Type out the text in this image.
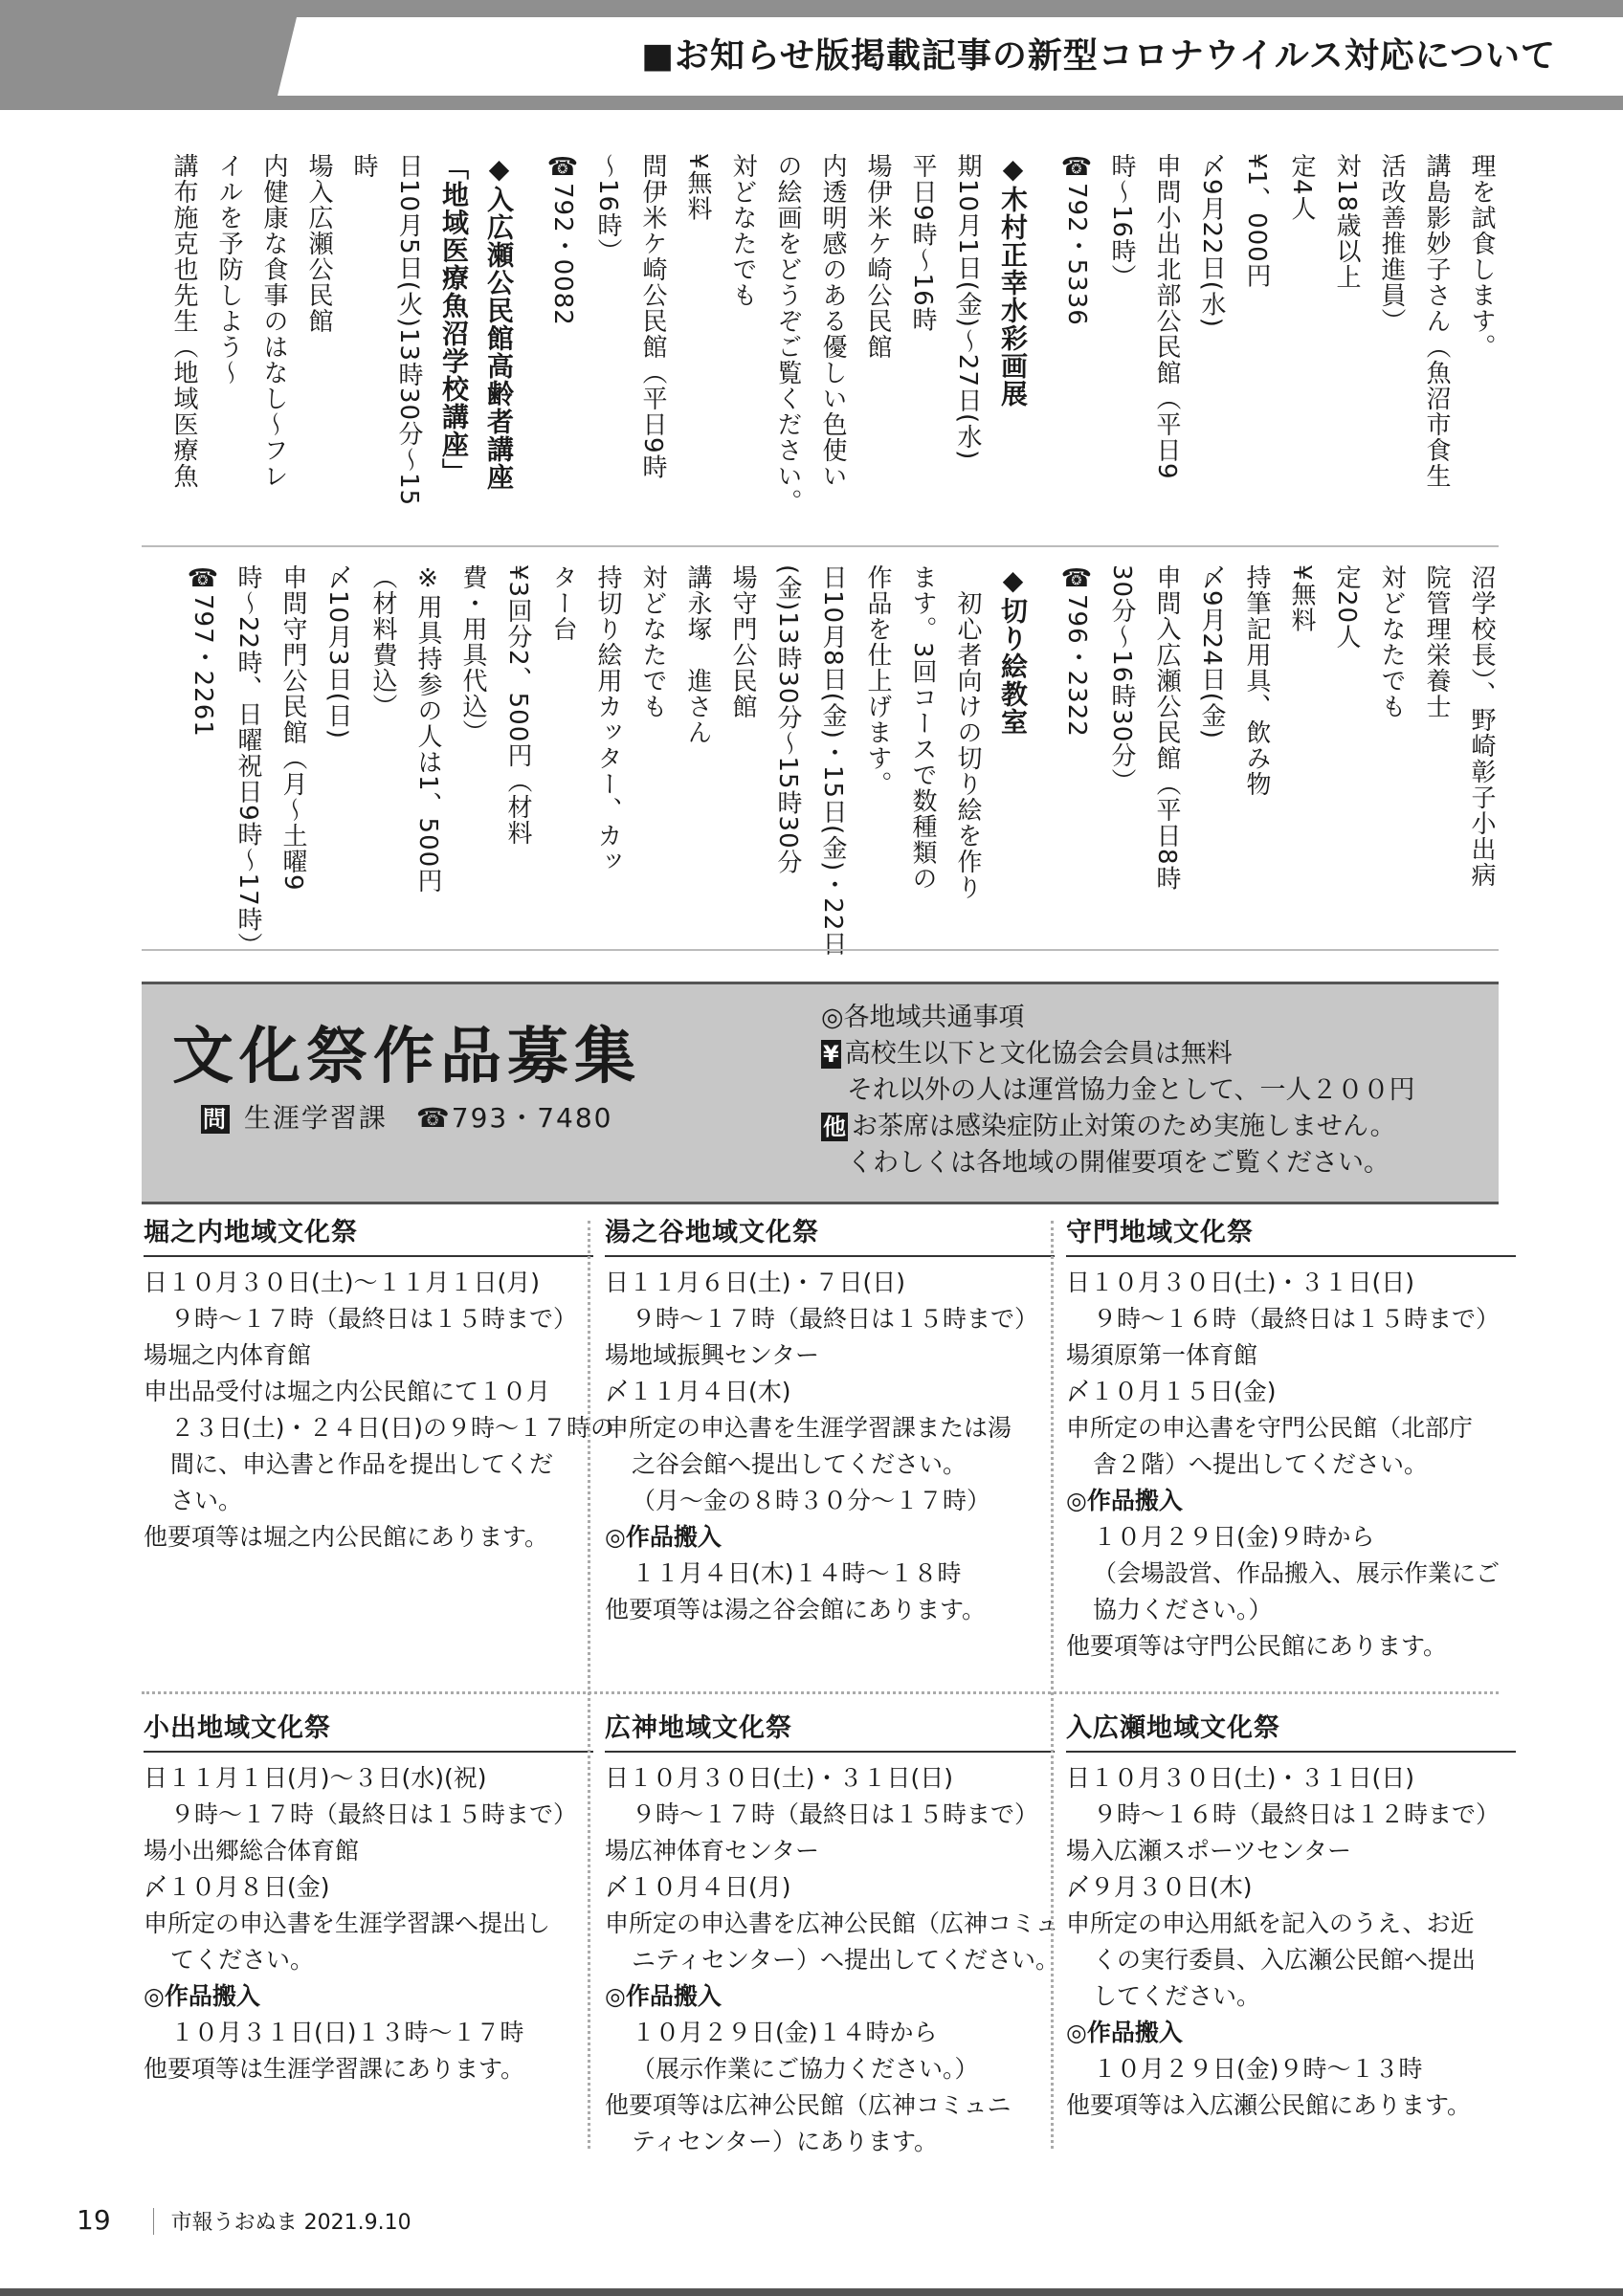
■お知らせ版掲載記事の新型コロナウイルス対応について
理を試食します。
講島影妙子さん（魚沼市食生
活改善推進員）
対18歳以上
定4人
¥1、000円
〆9月22日(水)
申問小出北部公民館（平日9
時～16時）
☎792・5336
◆木村正幸水彩画展
期10月1日(金)～27日(水)
平日9時～16時
場伊米ケ崎公民館
内透明感のある優しい色使い
の絵画をどうぞご覧ください。
対どなたでも
¥無料
問伊米ケ崎公民館（平日9時
～16時）
☎792・0082
◆入広瀬公民館高齢者講座
「地域医療魚沼学校講座」
日10月5日(火)13時30分～15
時
場入広瀬公民館
内健康な食事のはなし～フレ
イルを予防しよう～
講布施克也先生（地域医療魚
沼学校長）、野崎彰子小出病
院管理栄養士
対どなたでも
定20人
¥無料
持筆記用具、飲み物
〆9月24日(金)
申問入広瀬公民館（平日8時
30分～16時30分）
☎796・2322
◆切り絵教室
　初心者向けの切り絵を作り
ます。3回コースで数種類の
作品を仕上げます。
日10月8日(金)・15日(金)・22日
(金)13時30分～15時30分
場守門公民館
講永塚　進さん
対どなたでも
持切り絵用カッター、カッ
ター台
¥3回分2、500円（材料
費・用具代込）
※用具持参の人は1、500円
（材料費込）
〆10月3日(日)
申問守門公民館（月～土曜9
時～22時、日曜祝日9時～17時）
☎797・2261
文化祭作品募集
問 生涯学習課　☎793・7480
◎各地域共通事項
¥ 高校生以下と文化協会会員は無料
　それ以外の人は運営協力金として、一人２００円
他 お茶席は感染症防止対策のため実施しません。
　くわしくは各地域の開催要項をご覧ください。
堀之内地域文化祭
日１０月３０日(土)～１１月１日(月)
９時～１７時（最終日は１５時まで）
場堀之内体育館
申出品受付は堀之内公民館にて１０月
２３日(土)・２４日(日)の９時～１７時の
間に、申込書と作品を提出してくだ
さい。
他要項等は堀之内公民館にあります。
湯之谷地域文化祭
日１１月６日(土)・７日(日)
９時～１７時（最終日は１５時まで）
場地域振興センター
〆１１月４日(木)
申所定の申込書を生涯学習課または湯
之谷会館へ提出してください。
（月～金の８時３０分～１７時）
◎作品搬入
１１月４日(木)１４時～１８時
他要項等は湯之谷会館にあります。
守門地域文化祭
日１０月３０日(土)・３１日(日)
９時～１６時（最終日は１５時まで）
場須原第一体育館
〆１０月１５日(金)
申所定の申込書を守門公民館（北部庁
舎２階）へ提出してください。
◎作品搬入
１０月２９日(金)９時から
（会場設営、作品搬入、展示作業にご
協力ください。）
他要項等は守門公民館にあります。
小出地域文化祭
日１１月１日(月)～３日(水)(祝)
９時～１７時（最終日は１５時まで）
場小出郷総合体育館
〆１０月８日(金)
申所定の申込書を生涯学習課へ提出し
てください。
◎作品搬入
１０月３１日(日)１３時～１７時
他要項等は生涯学習課にあります。
広神地域文化祭
日１０月３０日(土)・３１日(日)
９時～１７時（最終日は１５時まで）
場広神体育センター
〆１０月４日(月)
申所定の申込書を広神公民館（広神コミュ
ニティセンター）へ提出してください。
◎作品搬入
１０月２９日(金)１４時から
（展示作業にご協力ください。）
他要項等は広神公民館（広神コミュニ
ティセンター）にあります。
入広瀬地域文化祭
日１０月３０日(土)・３１日(日)
９時～１６時（最終日は１２時まで）
場入広瀬スポーツセンター
〆９月３０日(木)
申所定の申込用紙を記入のうえ、お近
くの実行委員、入広瀬公民館へ提出
してください。
◎作品搬入
１０月２９日(金)９時～１３時
他要項等は入広瀬公民館にあります。
19	市報うおぬま 2021.9.10
